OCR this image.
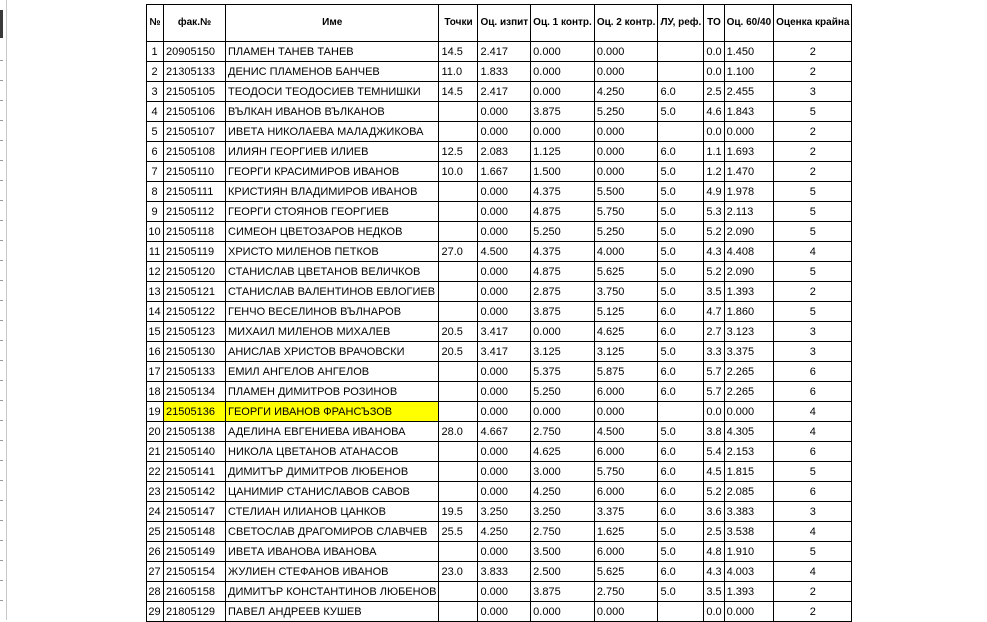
№	фак.№	Име	Точки	Оц. изпит	Оц. 1 контр.	Оц. 2 контр.	ЛУ, реф.	ТО	Оц. 60/40	Оценка крайна
1	20905150	ПЛАМЕН ТАНЕВ ТАНЕВ	14.5	2.417	0.000	0.000		0.0	1.450	2
2	21305133	ДЕНИС ПЛАМЕНОВ БАНЧЕВ	11.0	1.833	0.000	0.000		0.0	1.100	2
3	21505105	ТЕОДОСИ ТЕОДОСИЕВ ТЕМНИШКИ	14.5	2.417	0.000	4.250	6.0	2.5	2.455	3
4	21505106	ВЪЛКАН ИВАНОВ ВЪЛКАНОВ		0.000	3.875	5.250	5.0	4.6	1.843	5
5	21505107	ИВЕТА НИКОЛАЕВА МАЛАДЖИКОВА		0.000	0.000	0.000		0.0	0.000	2
6	21505108	ИЛИЯН ГЕОРГИЕВ ИЛИЕВ	12.5	2.083	1.125	0.000	6.0	1.1	1.693	2
7	21505110	ГЕОРГИ КРАСИМИРОВ ИВАНОВ	10.0	1.667	1.500	0.000	5.0	1.2	1.470	2
8	21505111	КРИСТИЯН ВЛАДИМИРОВ ИВАНОВ		0.000	4.375	5.500	5.0	4.9	1.978	5
9	21505112	ГЕОРГИ СТОЯНОВ ГЕОРГИЕВ		0.000	4.875	5.750	5.0	5.3	2.113	5
10	21505118	СИМЕОН ЦВЕТОЗАРОВ НЕДКОВ		0.000	5.250	5.250	5.0	5.2	2.090	5
11	21505119	ХРИСТО МИЛЕНОВ ПЕТКОВ	27.0	4.500	4.375	4.000	5.0	4.3	4.408	4
12	21505120	СТАНИСЛАВ ЦВЕТАНОВ ВЕЛИЧКОВ		0.000	4.875	5.625	5.0	5.2	2.090	5
13	21505121	СТАНИСЛАВ ВАЛЕНТИНОВ ЕВЛОГИЕВ		0.000	2.875	3.750	5.0	3.5	1.393	2
14	21505122	ГЕНЧО ВЕСЕЛИНОВ ВЪЛНАРОВ		0.000	3.875	5.125	6.0	4.7	1.860	5
15	21505123	МИХАИЛ МИЛЕНОВ МИХАЛЕВ	20.5	3.417	0.000	4.625	6.0	2.7	3.123	3
16	21505130	АНИСЛАВ ХРИСТОВ ВРАЧОВСКИ	20.5	3.417	3.125	3.125	5.0	3.3	3.375	3
17	21505133	ЕМИЛ АНГЕЛОВ АНГЕЛОВ		0.000	5.375	5.875	6.0	5.7	2.265	6
18	21505134	ПЛАМЕН ДИМИТРОВ РОЗИНОВ		0.000	5.250	6.000	6.0	5.7	2.265	6
19	21505136	ГЕОРГИ ИВАНОВ ФРАНСЪЗОВ		0.000	0.000	0.000		0.0	0.000	4
20	21505138	АДЕЛИНА ЕВГЕНИЕВА ИВАНОВА	28.0	4.667	2.750	4.500	5.0	3.8	4.305	4
21	21505140	НИКОЛА ЦВЕТАНОВ АТАНАСОВ		0.000	4.625	6.000	6.0	5.4	2.153	6
22	21505141	ДИМИТЪР ДИМИТРОВ ЛЮБЕНОВ		0.000	3.000	5.750	6.0	4.5	1.815	5
23	21505142	ЦАНИМИР СТАНИСЛАВОВ САВОВ		0.000	4.250	6.000	6.0	5.2	2.085	6
24	21505147	СТЕЛИАН ИЛИАНОВ ЦАНКОВ	19.5	3.250	3.250	3.375	6.0	3.6	3.383	3
25	21505148	СВЕТОСЛАВ ДРАГОМИРОВ СЛАВЧЕВ	25.5	4.250	2.750	1.625	5.0	2.5	3.538	4
26	21505149	ИВЕТА ИВАНОВА ИВАНОВА		0.000	3.500	6.000	5.0	4.8	1.910	5
27	21505154	ЖУЛИЕН СТЕФАНОВ ИВАНОВ	23.0	3.833	2.500	5.625	6.0	4.3	4.003	4
28	21605158	ДИМИТЪР КОНСТАНТИНОВ ЛЮБЕНОВ		0.000	3.875	2.750	5.0	3.5	1.393	2
29	21805129	ПАВЕЛ АНДРЕЕВ КУШЕВ		0.000	0.000	0.000		0.0	0.000	2
